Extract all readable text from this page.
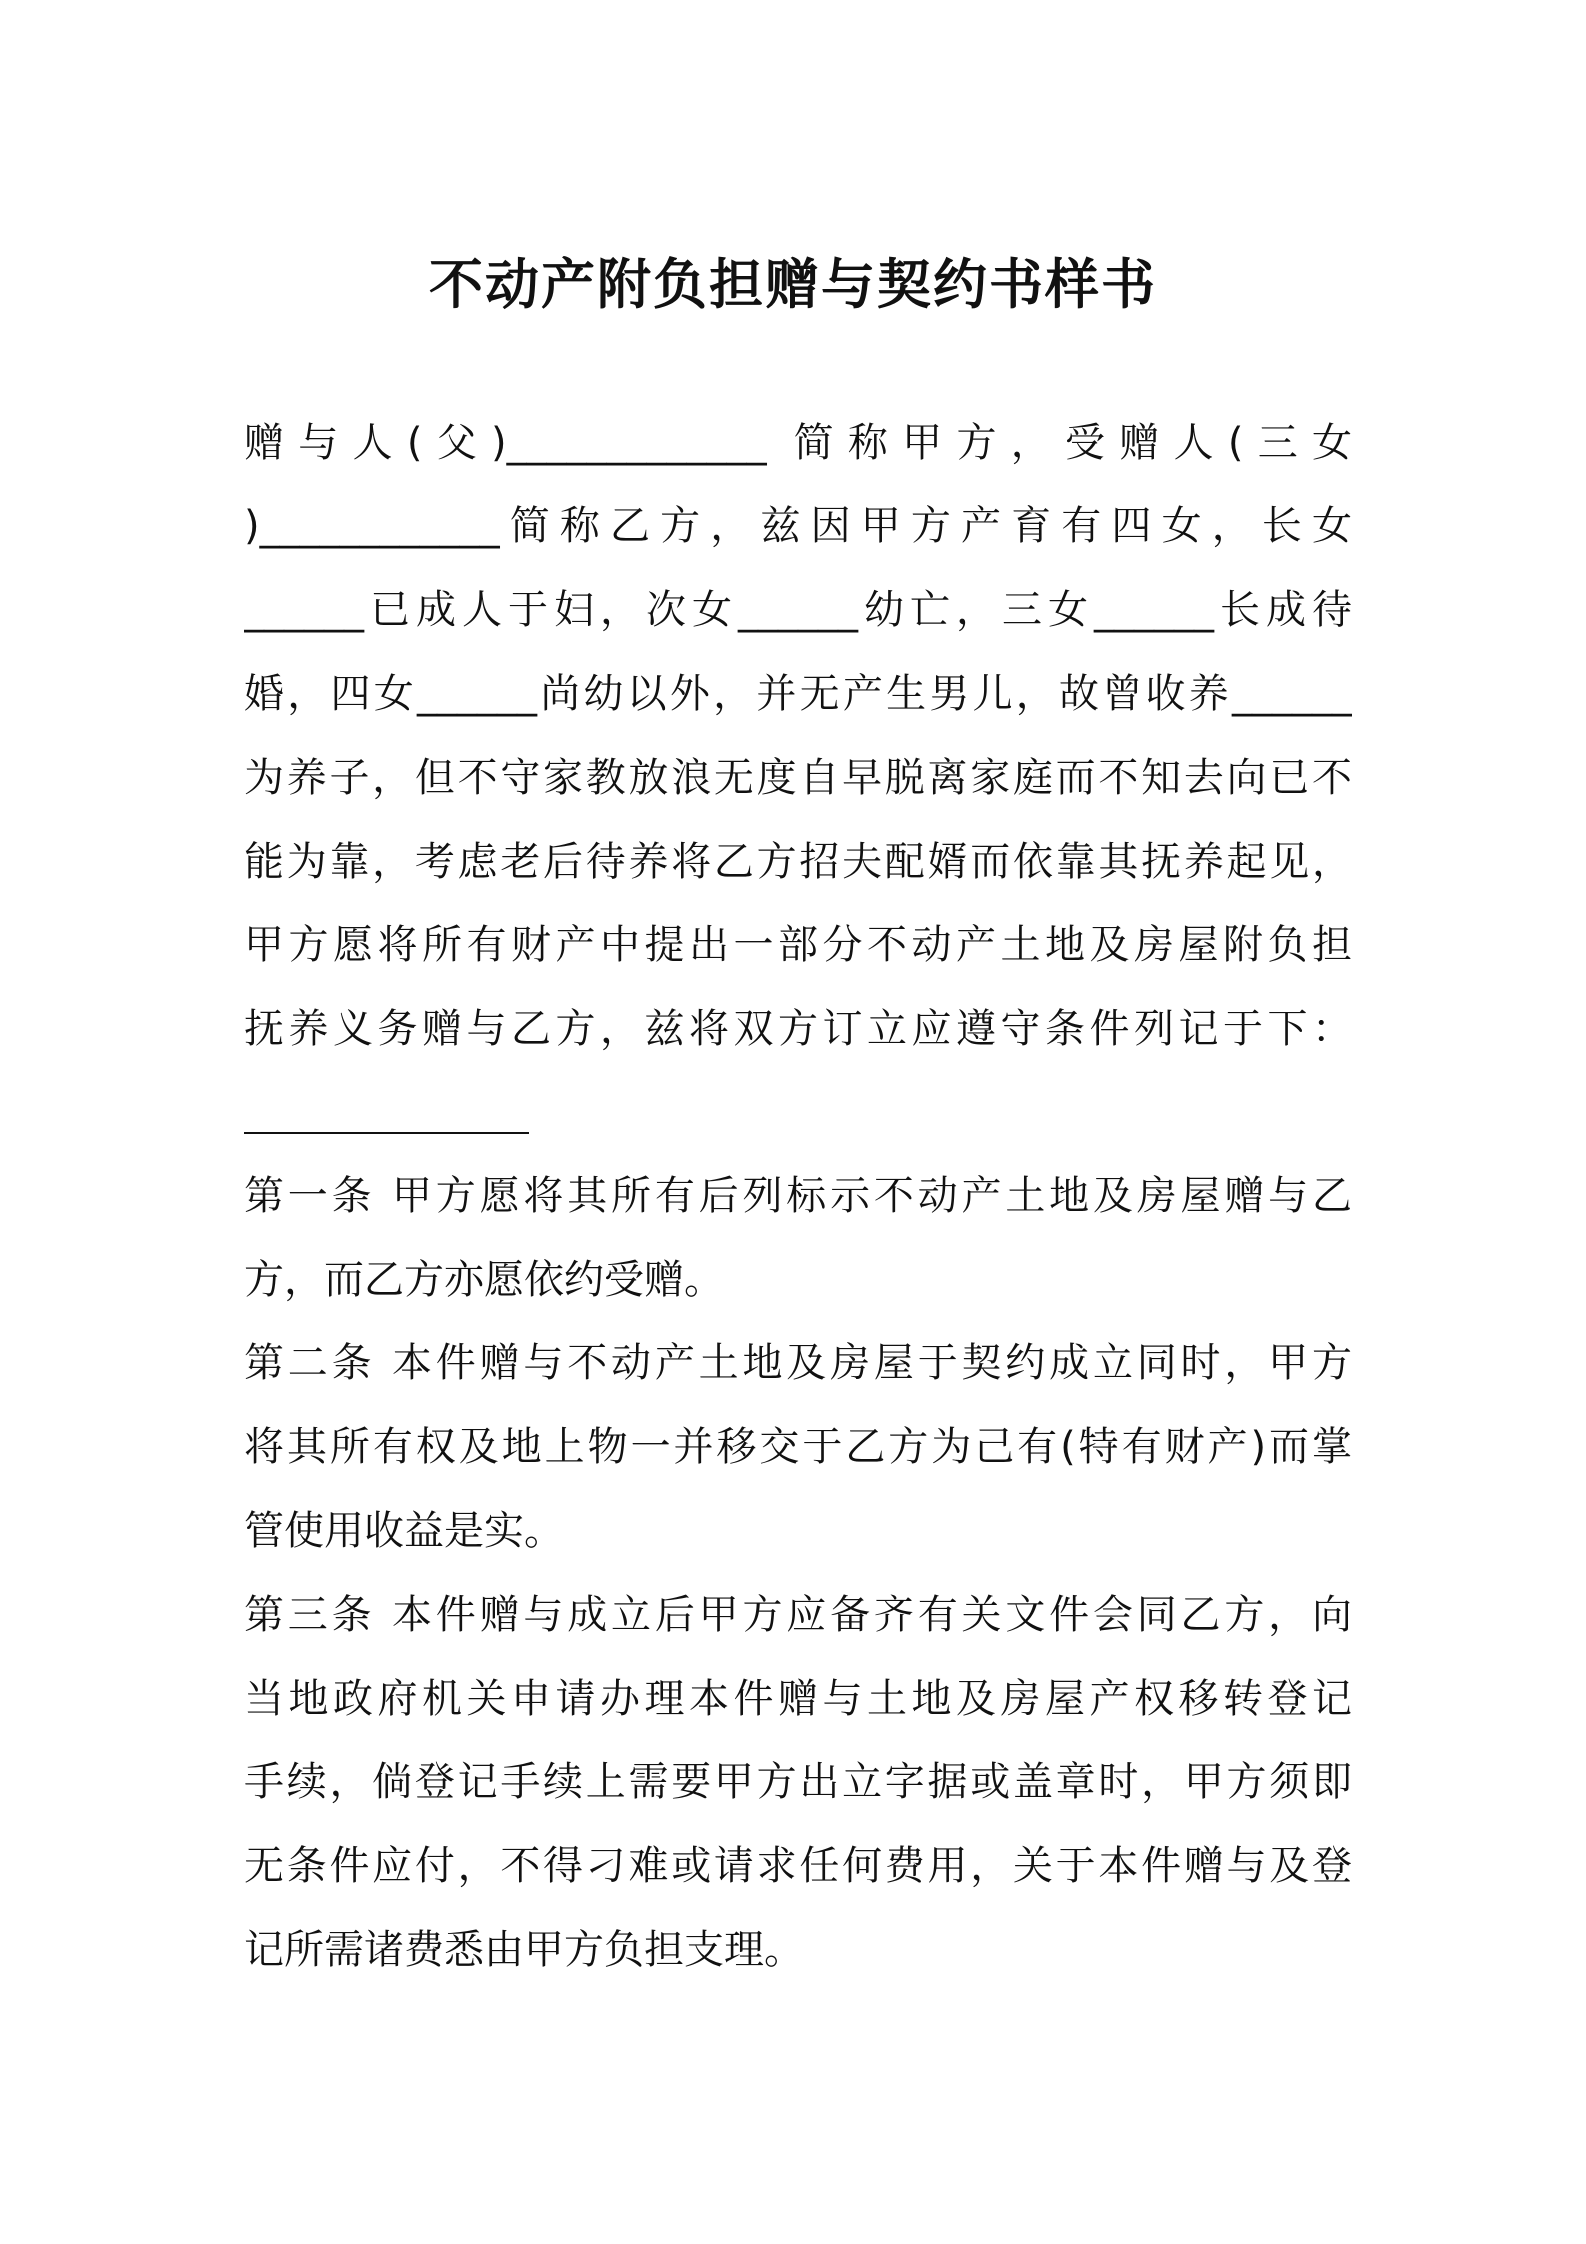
不动产附负担赠与契约书样书
赠与人(父)_____________ 简称甲方，受赠人(三女
)____________简称乙方，兹因甲方产育有四女，长女
______已成人于妇，次女______幼亡，三女______长成待
婚，四女______尚幼以外，并无产生男儿，故曾收养______
为养子，但不守家教放浪无度自早脱离家庭而不知去向已不
能为靠，考虑老后待养将乙方招夫配婿而依靠其抚养起见，
甲方愿将所有财产中提出一部分不动产土地及房屋附负担
抚养义务赠与乙方，兹将双方订立应遵守条件列记于下：
第一条 甲方愿将其所有后列标示不动产土地及房屋赠与乙
方，而乙方亦愿依约受赠。
第二条 本件赠与不动产土地及房屋于契约成立同时，甲方
将其所有权及地上物一并移交于乙方为己有(特有财产)而掌
管使用收益是实。
第三条 本件赠与成立后甲方应备齐有关文件会同乙方，向
当地政府机关申请办理本件赠与土地及房屋产权移转登记
手续，倘登记手续上需要甲方出立字据或盖章时，甲方须即
无条件应付，不得刁难或请求任何费用，关于本件赠与及登
记所需诸费悉由甲方负担支理。
